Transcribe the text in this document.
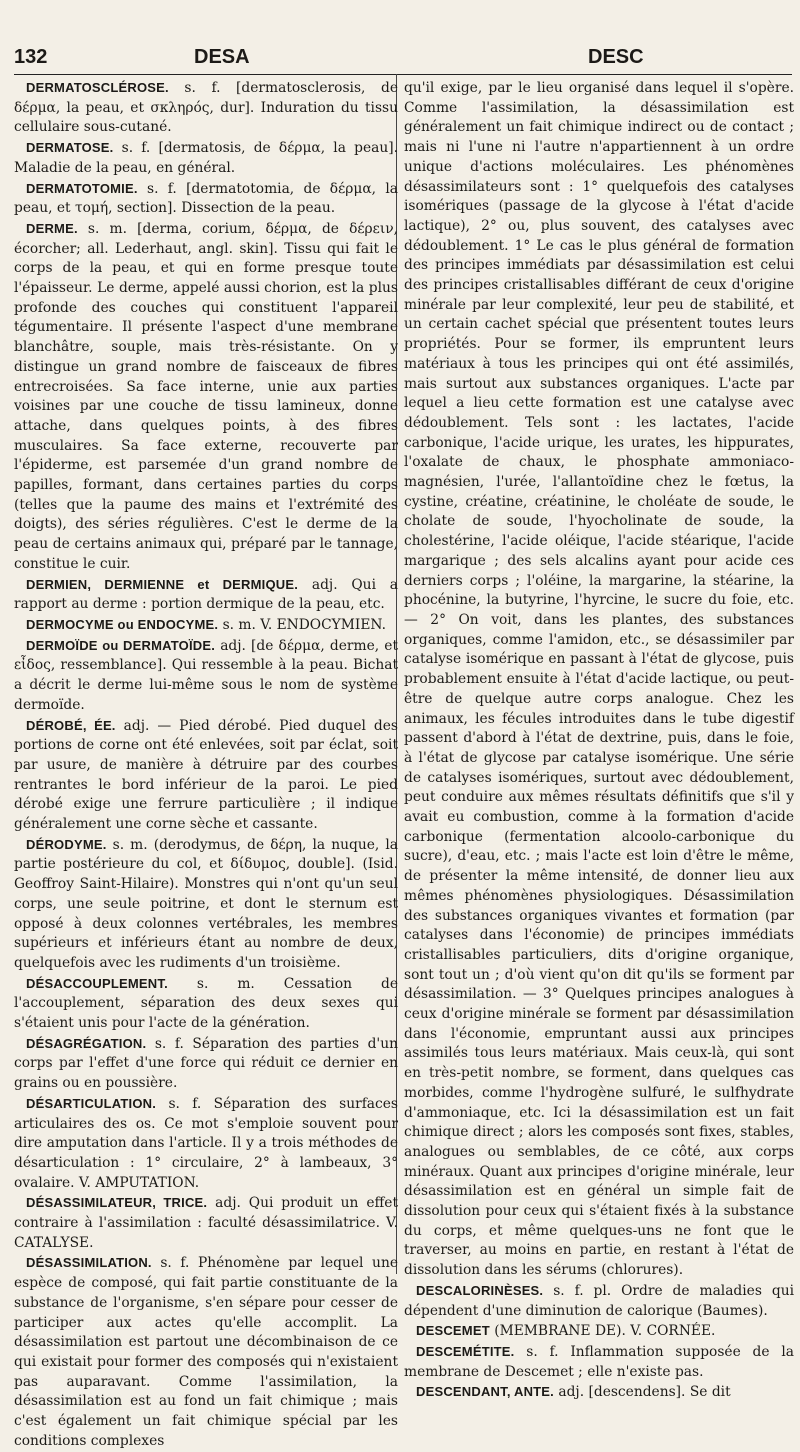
132	DESA	DESC

DERMATOSCLÉROSE. s. f. [dermatosclerosis, de δέρμα, la peau, et σκληρός, dur]. Induration du tissu cellulaire sous-cutané.

DERMATOSE. s. f. [dermatosis, de δέρμα, la peau]. Maladie de la peau, en général.

DERMATOTOMIE. s. f. [dermatotomia, de δέρμα, la peau, et τομή, section]. Dissection de la peau.

DERME. s. m. [derma, corium, δέρμα, de δέρειν, écorcher; all. Lederhaut, angl. skin]. Tissu qui fait le corps de la peau, et qui en forme presque toute l'épaisseur. Le derme, appelé aussi chorion, est la plus profonde des couches qui constituent l'appareil tégumentaire. Il présente l'aspect d'une membrane blanchâtre, souple, mais très-résistante. On y distingue un grand nombre de faisceaux de fibres entrecroisées. Sa face interne, unie aux parties voisines par une couche de tissu lamineux, donne attache, dans quelques points, à des fibres musculaires. Sa face externe, recouverte par l'épiderme, est parsemée d'un grand nombre de papilles, formant, dans certaines parties du corps (telles que la paume des mains et l'extrémité des doigts), des séries régulières. C'est le derme de la peau de certains animaux qui, préparé par le tannage, constitue le cuir.

DERMIEN, DERMIENNE et DERMIQUE. adj. Qui a rapport au derme : portion dermique de la peau, etc.

DERMOCYME ou ENDOCYME. s. m. V. ENDOCYMIEN.

DERMOÏDE ou DERMATOÏDE. adj. [de δέρμα, derme, et εἶδος, ressemblance]. Qui ressemble à la peau. Bichat a décrit le derme lui-même sous le nom de système dermoïde.

DÉROBÉ, ÉE. adj. — Pied dérobé. Pied duquel des portions de corne ont été enlevées, soit par éclat, soit par usure, de manière à détruire par des courbes rentrantes le bord inférieur de la paroi. Le pied dérobé exige une ferrure particulière ; il indique généralement une corne sèche et cassante.

DÉRODYME. s. m. (derodymus, de δέρη, la nuque, la partie postérieure du col, et δίδυμος, double]. (Isid. Geoffroy Saint-Hilaire). Monstres qui n'ont qu'un seul corps, une seule poitrine, et dont le sternum est opposé à deux colonnes vertébrales, les membres supérieurs et inférieurs étant au nombre de deux, quelquefois avec les rudiments d'un troisième.

DÉSACCOUPLEMENT. s. m. Cessation de l'accouplement, séparation des deux sexes qui s'étaient unis pour l'acte de la génération.

DÉSAGRÉGATION. s. f. Séparation des parties d'un corps par l'effet d'une force qui réduit ce dernier en grains ou en poussière.

DÉSARTICULATION. s. f. Séparation des surfaces articulaires des os. Ce mot s'emploie souvent pour dire amputation dans l'article. Il y a trois méthodes de désarticulation : 1° circulaire, 2° à lambeaux, 3° ovalaire. V. AMPUTATION.

DÉSASSIMILATEUR, TRICE. adj. Qui produit un effet contraire à l'assimilation : faculté désassimilatrice. V. CATALYSE.

DÉSASSIMILATION. s. f. Phénomène par lequel une espèce de composé, qui fait partie constituante de la substance de l'organisme, s'en sépare pour cesser de participer aux actes qu'elle accomplit. La désassimilation est partout une décombinaison de ce qui existait pour former des composés qui n'existaient pas auparavant. Comme l'assimilation, la désassimilation est au fond un fait chimique ; mais c'est également un fait chimique spécial par les conditions complexes

qu'il exige, par le lieu organisé dans lequel il s'opère. Comme l'assimilation, la désassimilation est généralement un fait chimique indirect ou de contact ; mais ni l'une ni l'autre n'appartiennent à un ordre unique d'actions moléculaires. Les phénomènes désassimilateurs sont : 1° quelquefois des catalyses isomériques (passage de la glycose à l'état d'acide lactique), 2° ou, plus souvent, des catalyses avec dédoublement. 1° Le cas le plus général de formation des principes immédiats par désassimilation est celui des principes cristallisables différant de ceux d'origine minérale par leur complexité, leur peu de stabilité, et un certain cachet spécial que présentent toutes leurs propriétés. Pour se former, ils empruntent leurs matériaux à tous les principes qui ont été assimilés, mais surtout aux substances organiques. L'acte par lequel a lieu cette formation est une catalyse avec dédoublement. Tels sont : les lactates, l'acide carbonique, l'acide urique, les urates, les hippurates, l'oxalate de chaux, le phosphate ammoniaco-magnésien, l'urée, l'allantoïdine chez le fœtus, la cystine, créatine, créatinine, le choléate de soude, le cholate de soude, l'hyocholinate de soude, la cholestérine, l'acide oléique, l'acide stéarique, l'acide margarique ; des sels alcalins ayant pour acide ces derniers corps ; l'oléine, la margarine, la stéarine, la phocénine, la butyrine, l'hyrcine, le sucre du foie, etc. — 2° On voit, dans les plantes, des substances organiques, comme l'amidon, etc., se désassimiler par catalyse isomérique en passant à l'état de glycose, puis probablement ensuite à l'état d'acide lactique, ou peut-être de quelque autre corps analogue. Chez les animaux, les fécules introduites dans le tube digestif passent d'abord à l'état de dextrine, puis, dans le foie, à l'état de glycose par catalyse isomérique. Une série de catalyses isomériques, surtout avec dédoublement, peut conduire aux mêmes résultats définitifs que s'il y avait eu combustion, comme à la formation d'acide carbonique (fermentation alcoolo-carbonique du sucre), d'eau, etc. ; mais l'acte est loin d'être le même, de présenter la même intensité, de donner lieu aux mêmes phénomènes physiologiques. Désassimilation des substances organiques vivantes et formation (par catalyses dans l'économie) de principes immédiats cristallisables particuliers, dits d'origine organique, sont tout un ; d'où vient qu'on dit qu'ils se forment par désassimilation. — 3° Quelques principes analogues à ceux d'origine minérale se forment par désassimilation dans l'économie, empruntant aussi aux principes assimilés tous leurs matériaux. Mais ceux-là, qui sont en très-petit nombre, se forment, dans quelques cas morbides, comme l'hydrogène sulfuré, le sulfhydrate d'ammoniaque, etc. Ici la désassimilation est un fait chimique direct ; alors les composés sont fixes, stables, analogues ou semblables, de ce côté, aux corps minéraux. Quant aux principes d'origine minérale, leur désassimilation est en général un simple fait de dissolution pour ceux qui s'étaient fixés à la substance du corps, et même quelques-uns ne font que le traverser, au moins en partie, en restant à l'état de dissolution dans les sérums (chlorures).

DESCALORINÈSES. s. f. pl. Ordre de maladies qui dépendent d'une diminution de calorique (Baumes).

DESCEMET (MEMBRANE DE). V. CORNÉE.

DESCEMÉTITE. s. f. Inflammation supposée de la membrane de Descemet ; elle n'existe pas.

DESCENDANT, ANTE. adj. [descendens]. Se dit
